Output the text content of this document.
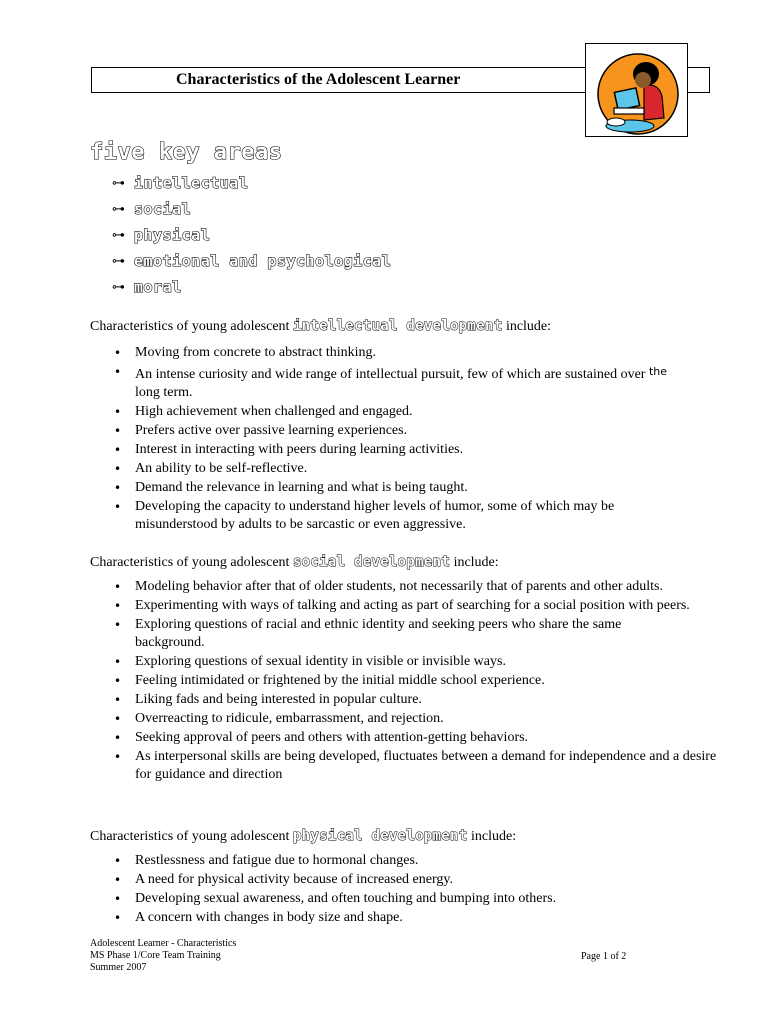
Characteristics of the Adolescent Learner
five key areas
⊶ intellectual
⊶ social
⊶ physical
⊶ emotional and psychological
⊶ moral
Characteristics of young adolescent intellectual development include:
• Moving from concrete to abstract thinking.
• An intense curiosity and wide range of intellectual pursuit, few of which are sustained over $^{the}$
long term.
• High achievement when challenged and engaged.
• Prefers active over passive learning experiences.
• Interest in interacting with peers during learning activities.
• An ability to be self-reflective.
• Demand the relevance in learning and what is being taught.
• Developing the capacity to understand higher levels of humor, some of which may be misunderstood by adults to be sarcastic or even aggressive.
Characteristics of young adolescent social development include:
• Modeling behavior after that of older students, not necessarily that of parents and other adults.
• Experimenting with ways of talking and acting as part of searching for a social position with peers.
• Exploring questions of racial and ethnic identity and seeking peers who share the same background.
• Exploring questions of sexual identity in visible or invisible ways.
• Feeling intimidated or frightened by the initial middle school experience.
• Liking fads and being interested in popular culture.
• Overreacting to ridicule, embarrassment, and rejection.
• Seeking approval of peers and others with attention-getting behaviors.
• As interpersonal skills are being developed, fluctuates between a demand for independence and a desire for guidance and direction
Characteristics of young adolescent physical development include:
• Restlessness and fatigue due to hormonal changes.
• A need for physical activity because of increased energy.
• Developing sexual awareness, and often touching and bumping into others.
• A concern with changes in body size and shape.
Adolescent Learner - Characteristics
MS Phase 1/Core Team Training
Summer 2007
Page 1 of 2
